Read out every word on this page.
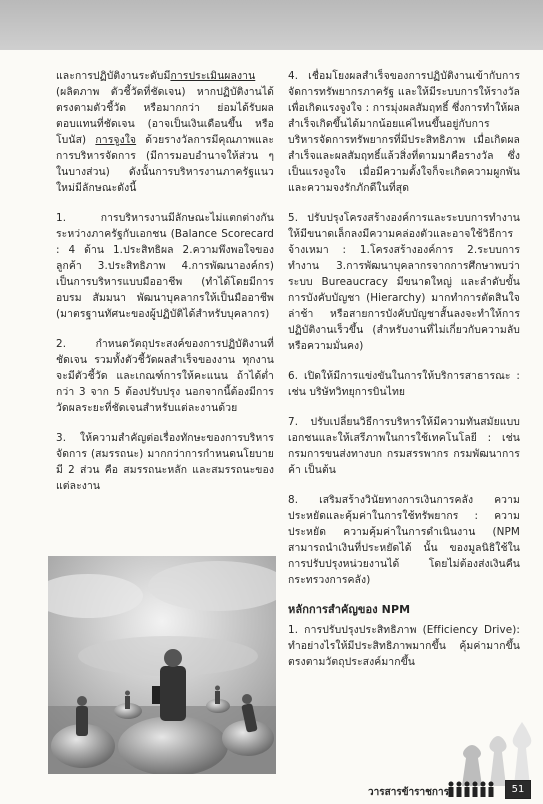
และการปฏิบัติงานระดับมีการประเมินผลงาน (ผลิตภาพ ตัวชี้วัดที่ชัดเจน) หากปฏิบัติงานได้ตรงตามตัวชี้วัด หรือมากกว่า ย่อมได้รับผลตอบแทนที่ชัดเจน (อาจเป็นเงินเดือนขึ้น หรือโบนัส) การจูงใจ ด้วยรางวัลการมีคุณภาพและการบริหารจัดการ (มีการมอบอำนาจให้ส่วน ๆ ในบางส่วน) ดังนั้นการบริหารงานภาครัฐแนวใหม่มีลักษณะดังนี้

1. การบริหารงานมีลักษณะไม่แตกต่างกันระหว่างภาครัฐกับเอกชน (Balance Scorecard : 4 ด้าน 1.ประสิทธิผล 2.ความพึงพอใจของลูกค้า 3.ประสิทธิภาพ 4.การพัฒนาองค์กร) เป็นการบริหารแบบมืออาชีพ (ทำได้โดยมีการอบรม สัมมนา พัฒนาบุคลากรให้เป็นมืออาชีพ (มาตรฐานทัศนะของผู้ปฏิบัติได้สำหรับบุคลากร)

2. กำหนดวัตถุประสงค์ของการปฏิบัติงานที่ชัดเจน รวมทั้งตัวชี้วัดผลสำเร็จของงาน ทุกงานจะมีตัวชี้วัด และเกณฑ์การให้คะแนน ถ้าได้ต่ำกว่า 3 จาก 5 ต้องปรับปรุง นอกจากนี้ต้องมีการวัดผลระยะที่ชัดเจนสำหรับแต่ละงานด้วย

3. ให้ความสำคัญต่อเรื่องทักษะของการบริหารจัดการ (สมรรถนะ) มากกว่าการกำหนดนโยบายมี 2 ส่วน คือ สมรรถนะหลัก และสมรรถนะของแต่ละงาน

4. เชื่อมโยงผลสำเร็จของการปฏิบัติงานเข้ากับการจัดการทรัพยากรภาครัฐ และให้มีระบบการให้รางวัลเพื่อเกิดแรงจูงใจ : การมุ่งผลสัมฤทธิ์ ซึ่งการทำให้ผลสำเร็จเกิดขึ้นได้มากน้อยแค่ไหนขึ้นอยู่กับการบริหารจัดการทรัพยากรที่มีประสิทธิภาพ เมื่อเกิดผลสำเร็จและผลสัมฤทธิ์แล้วสิ่งที่ตามมาคือรางวัล ซึ่งเป็นแรงจูงใจ เมื่อมีความตั้งใจก็จะเกิดความผูกพันและความจงรักภักดีในที่สุด

5. ปรับปรุงโครงสร้างองค์การและระบบการทำงานให้มีขนาดเล็กลงมีความคล่องตัวและอาจใช้วิธีการจ้างเหมา : 1.โครงสร้างองค์การ 2.ระบบการทำงาน 3.การพัฒนาบุคลากรจากการศึกษาพบว่าระบบ Bureaucracy มีขนาดใหญ่ และลำดับขั้นการบังคับบัญชา (Hierarchy) มากทำการตัดสินใจล่าช้า หรือสายการบังคับบัญชาสั้นลงจะทำให้การปฏิบัติงานเร็วขึ้น (สำหรับงานที่ไม่เกี่ยวกับความลับ หรือความมั่นคง)

6. เปิดให้มีการแข่งขันในการให้บริการสาธารณะ : เช่น บริษัทวิทยุการบินไทย

7. ปรับเปลี่ยนวิธีการบริหารให้มีความทันสมัยแบบเอกชนและให้เสรีภาพในการใช้เทคโนโลยี : เช่น กรมการขนส่งทางบก กรมสรรพากร กรมพัฒนาการค้า เป็นต้น

8. เสริมสร้างวินัยทางการเงินการคลัง ความประหยัดและคุ้มค่าในการใช้ทรัพยากร : ความประหยัด ความคุ้มค่าในการดำเนินงาน (NPM สามารถนำเงินที่ประหยัดได้ นั้น ของมูลนิธิใช้ในการปรับปรุงหน่วยงานได้ โดยไม่ต้องส่งเงินคืนกระทรวงการคลัง)

หลักการสำคัญของ NPM

1. การปรับปรุงประสิทธิภาพ (Efficiency Drive): ทำอย่างไรให้มีประสิทธิภาพมากขึ้น คุ้มค่ามากขึ้น ตรงตามวัตถุประสงค์มากขึ้น

วารสารข้าราชการ	51
